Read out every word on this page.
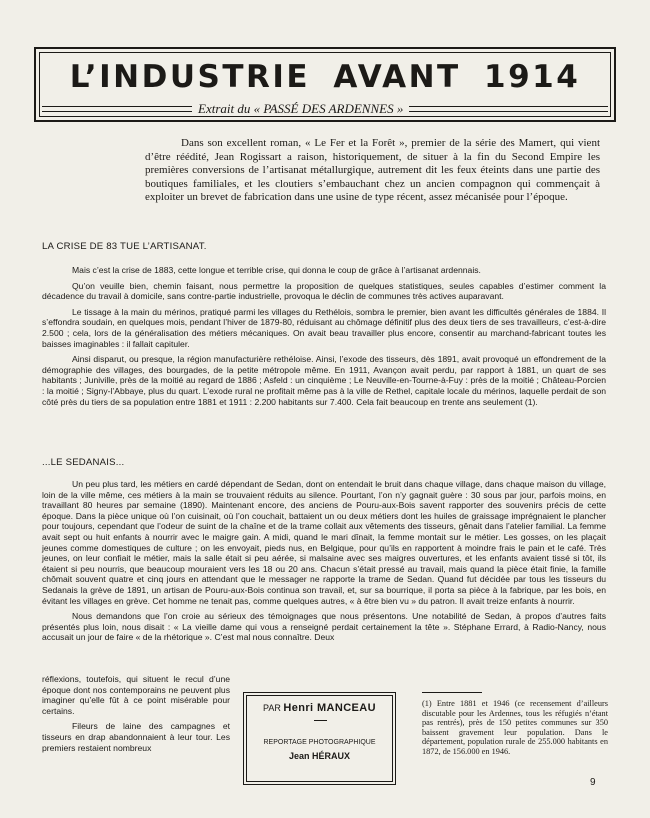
L’INDUSTRIE AVANT 1914
Extrait du « PASSÉ DES ARDENNES »

Dans son excellent roman, « Le Fer et la Forêt », premier de la série des Mamert, qui vient d’être réédité, Jean Rogissart a raison, historiquement, de situer à la fin du Second Empire les premières conversions de l’artisanat métallurgique, autrement dit les feux éteints dans une partie des boutiques familiales, et les cloutiers s’embauchant chez un ancien compagnon qui commençait à exploiter un brevet de fabrication dans une usine de type récent, assez mécanisée pour l’époque.

LA CRISE DE 83 TUE L’ARTISANAT.

Mais c’est la crise de 1883, cette longue et terrible crise, qui donna le coup de grâce à l’artisanat ardennais.

Qu’on veuille bien, chemin faisant, nous permettre la proposition de quelques statistiques, seules capables d’estimer comment la décadence du travail à domicile, sans contre-partie industrielle, provoqua le déclin de communes très actives auparavant.

Le tissage à la main du mérinos, pratiqué parmi les villages du Rethélois, sombra le premier, bien avant les difficultés générales de 1884. Il s’effondra soudain, en quelques mois, pendant l’hiver de 1879-80, réduisant au chômage définitif plus des deux tiers de ses travailleurs, c’est-à-dire 2.500 ; cela, lors de la généralisation des métiers mécaniques. On avait beau travailler plus encore, consentir au marchand-fabricant toutes les baisses imaginables : il fallait capituler.

Ainsi disparut, ou presque, la région manufacturière rethéloise. Ainsi, l’exode des tisseurs, dès 1891, avait provoqué un effondrement de la démographie des villages, des bourgades, de la petite métropole même. En 1911, Avançon avait perdu, par rapport à 1881, un quart de ses habitants ; Juniville, près de la moitié au regard de 1886 ; Asfeld : un cinquième ; Le Neuville-en-Tourne-à-Fuy : près de la moitié ; Château-Porcien : la moitié ; Signy-l’Abbaye, plus du quart. L’exode rural ne profitait même pas à la ville de Rethel, capitale locale du mérinos, laquelle perdait de son côté près du tiers de sa population entre 1881 et 1911 : 2.200 habitants sur 7.400. Cela fait beaucoup en trente ans seulement (1).

...LE SEDANAIS...

Un peu plus tard, les métiers en cardé dépendant de Sedan, dont on entendait le bruit dans chaque village, dans chaque maison du village, loin de la ville même, ces métiers à la main se trouvaient réduits au silence. Pourtant, l’on n’y gagnait guère : 30 sous par jour, parfois moins, en travaillant 80 heures par semaine (1890). Maintenant encore, des anciens de Pouru-aux-Bois savent rapporter des souvenirs précis de cette époque. Dans la pièce unique où l’on cuisinait, où l’on couchait, battaient un ou deux métiers dont les huiles de graissage imprégnaient le plancher pour toujours, cependant que l’odeur de suint de la chaîne et de la trame collait aux vêtements des tisseurs, gênait dans l’atelier familial. La femme avait sept ou huit enfants à nourrir avec le maigre gain. A midi, quand le mari dînait, la femme montait sur le métier. Les gosses, on les plaçait jeunes comme domestiques de culture ; on les envoyait, pieds nus, en Belgique, pour qu’ils en rapportent à moindre frais le pain et le café. Très jeunes, on leur confiait le métier, mais la salle était si peu aérée, si malsaine avec ses maigres ouvertures, et les enfants avaient tissé si tôt, ils étaient si peu nourris, que beaucoup mouraient vers les 18 ou 20 ans. Chacun s’était pressé au travail, mais quand la pièce était finie, la famille chômait souvent quatre et cinq jours en attendant que le messager ne rapporte la trame de Sedan. Quand fut décidée par tous les tisseurs du Sedanais la grève de 1891, un artisan de Pouru-aux-Bois continua son travail, et, sur sa bourrique, il porta sa pièce à la fabrique, par les bois, en évitant les villages en grève. Cet homme ne tenait pas, comme quelques autres, « à être bien vu » du patron. Il avait treize enfants à nourrir.

Nous demandons que l’on croie au sérieux des témoignages que nous présentons. Une notabilité de Sedan, à propos d’autres faits présentés plus loin, nous disait : « La vieille dame qui vous a renseigné perdait certainement la tête ». Stéphane Errard, à Radio-Nancy, nous accusait un jour de faire « de la rhétorique ». C’est mal nous connaître. Deux

réflexions, toutefois, qui situent le recul d’une époque dont nos contemporains ne peuvent plus imaginer qu’elle fût à ce point misérable pour certains.

Fileurs de laine des campagnes et tisseurs en drap abandonnaient à leur tour. Les premiers restaient nombreux

PAR Henri MANCEAU
REPORTAGE PHOTOGRAPHIQUE
Jean HÉRAUX

(1) Entre 1881 et 1946 (ce recensement d’ailleurs discutable pour les Ardennes, tous les réfugiés n’étant pas rentrés), près de 150 petites communes sur 350 baissent gravement leur population. Dans le département, population rurale de 255.000 habitants en 1872, de 156.000 en 1946.

9
